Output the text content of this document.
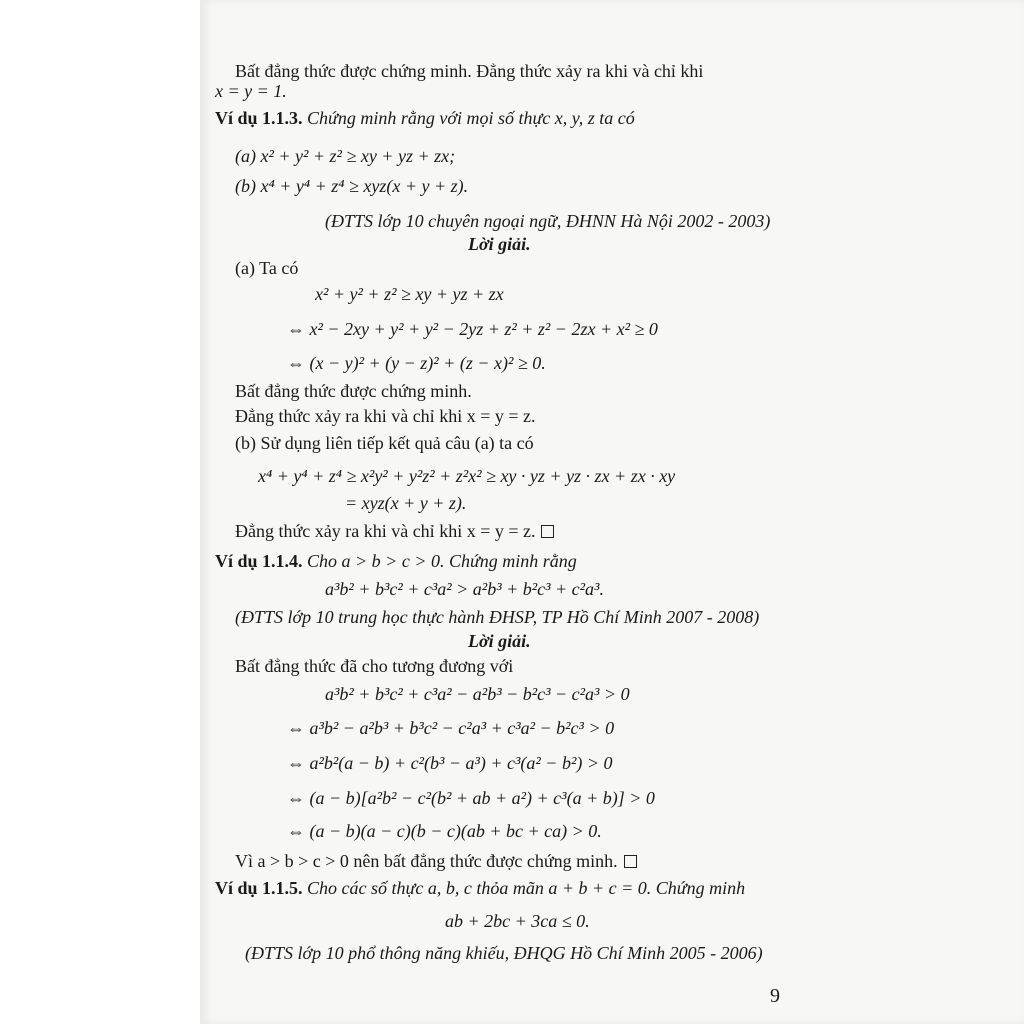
Bất đẳng thức được chứng minh. Đẳng thức xảy ra khi và chỉ khi
x = y = 1.
Ví dụ 1.1.3. Chứng minh rằng với mọi số thực x, y, z ta có
(a) x² + y² + z² ≥ xy + yz + zx;
(b) x⁴ + y⁴ + z⁴ ≥ xyz(x + y + z).
(ĐTTS lớp 10 chuyên ngoại ngữ, ĐHNN Hà Nội 2002 - 2003)
Lời giải.
(a) Ta có
x² + y² + z² ≥ xy + yz + zx
⇔ x² − 2xy + y² + y² − 2yz + z² + z² − 2zx + x² ≥ 0
⇔ (x − y)² + (y − z)² + (z − x)² ≥ 0.
Bất đẳng thức được chứng minh.
Đẳng thức xảy ra khi và chỉ khi x = y = z.
(b) Sử dụng liên tiếp kết quả câu (a) ta có
x⁴ + y⁴ + z⁴ ≥ x²y² + y²z² + z²x² ≥ xy · yz + yz · zx + zx · xy
= xyz(x + y + z).
Đẳng thức xảy ra khi và chỉ khi x = y = z.
Ví dụ 1.1.4. Cho a > b > c > 0. Chứng minh rằng
a³b² + b³c² + c³a² > a²b³ + b²c³ + c²a³.
(ĐTTS lớp 10 trung học thực hành ĐHSP, TP Hồ Chí Minh 2007 - 2008)
Lời giải.
Bất đẳng thức đã cho tương đương với
a³b² + b³c² + c³a² − a²b³ − b²c³ − c²a³ > 0
⇔ a³b² − a²b³ + b³c² − c²a³ + c³a² − b²c³ > 0
⇔ a²b²(a − b) + c²(b³ − a³) + c³(a² − b²) > 0
⇔ (a − b)[a²b² − c²(b² + ab + a²) + c³(a + b)] > 0
⇔ (a − b)(a − c)(b − c)(ab + bc + ca) > 0.
Vì a > b > c > 0 nên bất đẳng thức được chứng minh.
Ví dụ 1.1.5. Cho các số thực a, b, c thỏa mãn a + b + c = 0. Chứng minh
ab + 2bc + 3ca ≤ 0.
(ĐTTS lớp 10 phổ thông năng khiếu, ĐHQG Hồ Chí Minh 2005 - 2006)
9
